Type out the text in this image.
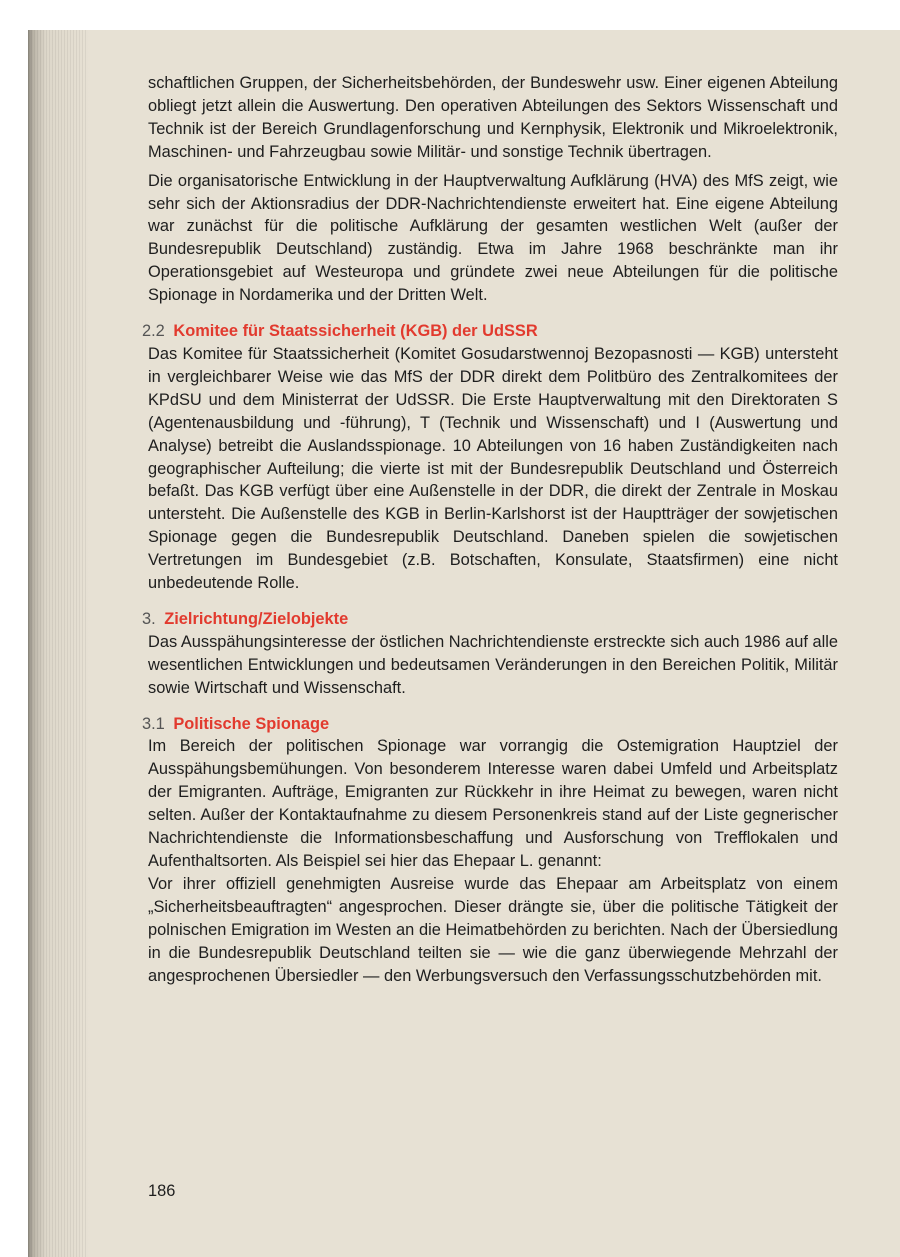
schaftlichen Gruppen, der Sicherheitsbehörden, der Bundeswehr usw. Einer eigenen Abteilung obliegt jetzt allein die Auswertung. Den operativen Abteilungen des Sektors Wissenschaft und Technik ist der Bereich Grundlagenforschung und Kernphysik, Elektronik und Mikroelektronik, Maschinen- und Fahrzeugbau sowie Militär- und sonstige Technik übertragen.

Die organisatorische Entwicklung in der Hauptverwaltung Aufklärung (HVA) des MfS zeigt, wie sehr sich der Aktionsradius der DDR-Nachrichtendienste erweitert hat. Eine eigene Abteilung war zunächst für die politische Aufklärung der gesamten westlichen Welt (außer der Bundesrepublik Deutschland) zuständig. Etwa im Jahre 1968 beschränkte man ihr Operationsgebiet auf Westeuropa und gründete zwei neue Abteilungen für die politische Spionage in Nordamerika und der Dritten Welt.

2.2 Komitee für Staatssicherheit (KGB) der UdSSR

Das Komitee für Staatssicherheit (Komitet Gosudarstwennoj Bezopasnosti — KGB) untersteht in vergleichbarer Weise wie das MfS der DDR direkt dem Politbüro des Zentralkomitees der KPdSU und dem Ministerrat der UdSSR. Die Erste Hauptverwaltung mit den Direktoraten S (Agentenausbildung und -führung), T (Technik und Wissenschaft) und I (Auswertung und Analyse) betreibt die Auslandsspionage. 10 Abteilungen von 16 haben Zuständigkeiten nach geographischer Aufteilung; die vierte ist mit der Bundesrepublik Deutschland und Österreich befaßt. Das KGB verfügt über eine Außenstelle in der DDR, die direkt der Zentrale in Moskau untersteht. Die Außenstelle des KGB in Berlin-Karlshorst ist der Hauptträger der sowjetischen Spionage gegen die Bundesrepublik Deutschland. Daneben spielen die sowjetischen Vertretungen im Bundesgebiet (z.B. Botschaften, Konsulate, Staatsfirmen) eine nicht unbedeutende Rolle.

3. Zielrichtung/Zielobjekte

Das Ausspähungsinteresse der östlichen Nachrichtendienste erstreckte sich auch 1986 auf alle wesentlichen Entwicklungen und bedeutsamen Veränderungen in den Bereichen Politik, Militär sowie Wirtschaft und Wissenschaft.

3.1 Politische Spionage

Im Bereich der politischen Spionage war vorrangig die Ostemigration Hauptziel der Ausspähungsbemühungen. Von besonderem Interesse waren dabei Umfeld und Arbeitsplatz der Emigranten. Aufträge, Emigranten zur Rückkehr in ihre Heimat zu bewegen, waren nicht selten. Außer der Kontaktaufnahme zu diesem Personenkreis stand auf der Liste gegnerischer Nachrichtendienste die Informationsbeschaffung und Ausforschung von Trefflokalen und Aufenthaltsorten. Als Beispiel sei hier das Ehepaar L. genannt:

Vor ihrer offiziell genehmigten Ausreise wurde das Ehepaar am Arbeitsplatz von einem „Sicherheitsbeauftragten“ angesprochen. Dieser drängte sie, über die politische Tätigkeit der polnischen Emigration im Westen an die Heimatbehörden zu berichten. Nach der Übersiedlung in die Bundesrepublik Deutschland teilten sie — wie die ganz überwiegende Mehrzahl der angesprochenen Übersiedler — den Werbungsversuch den Verfassungsschutzbehörden mit.

186
